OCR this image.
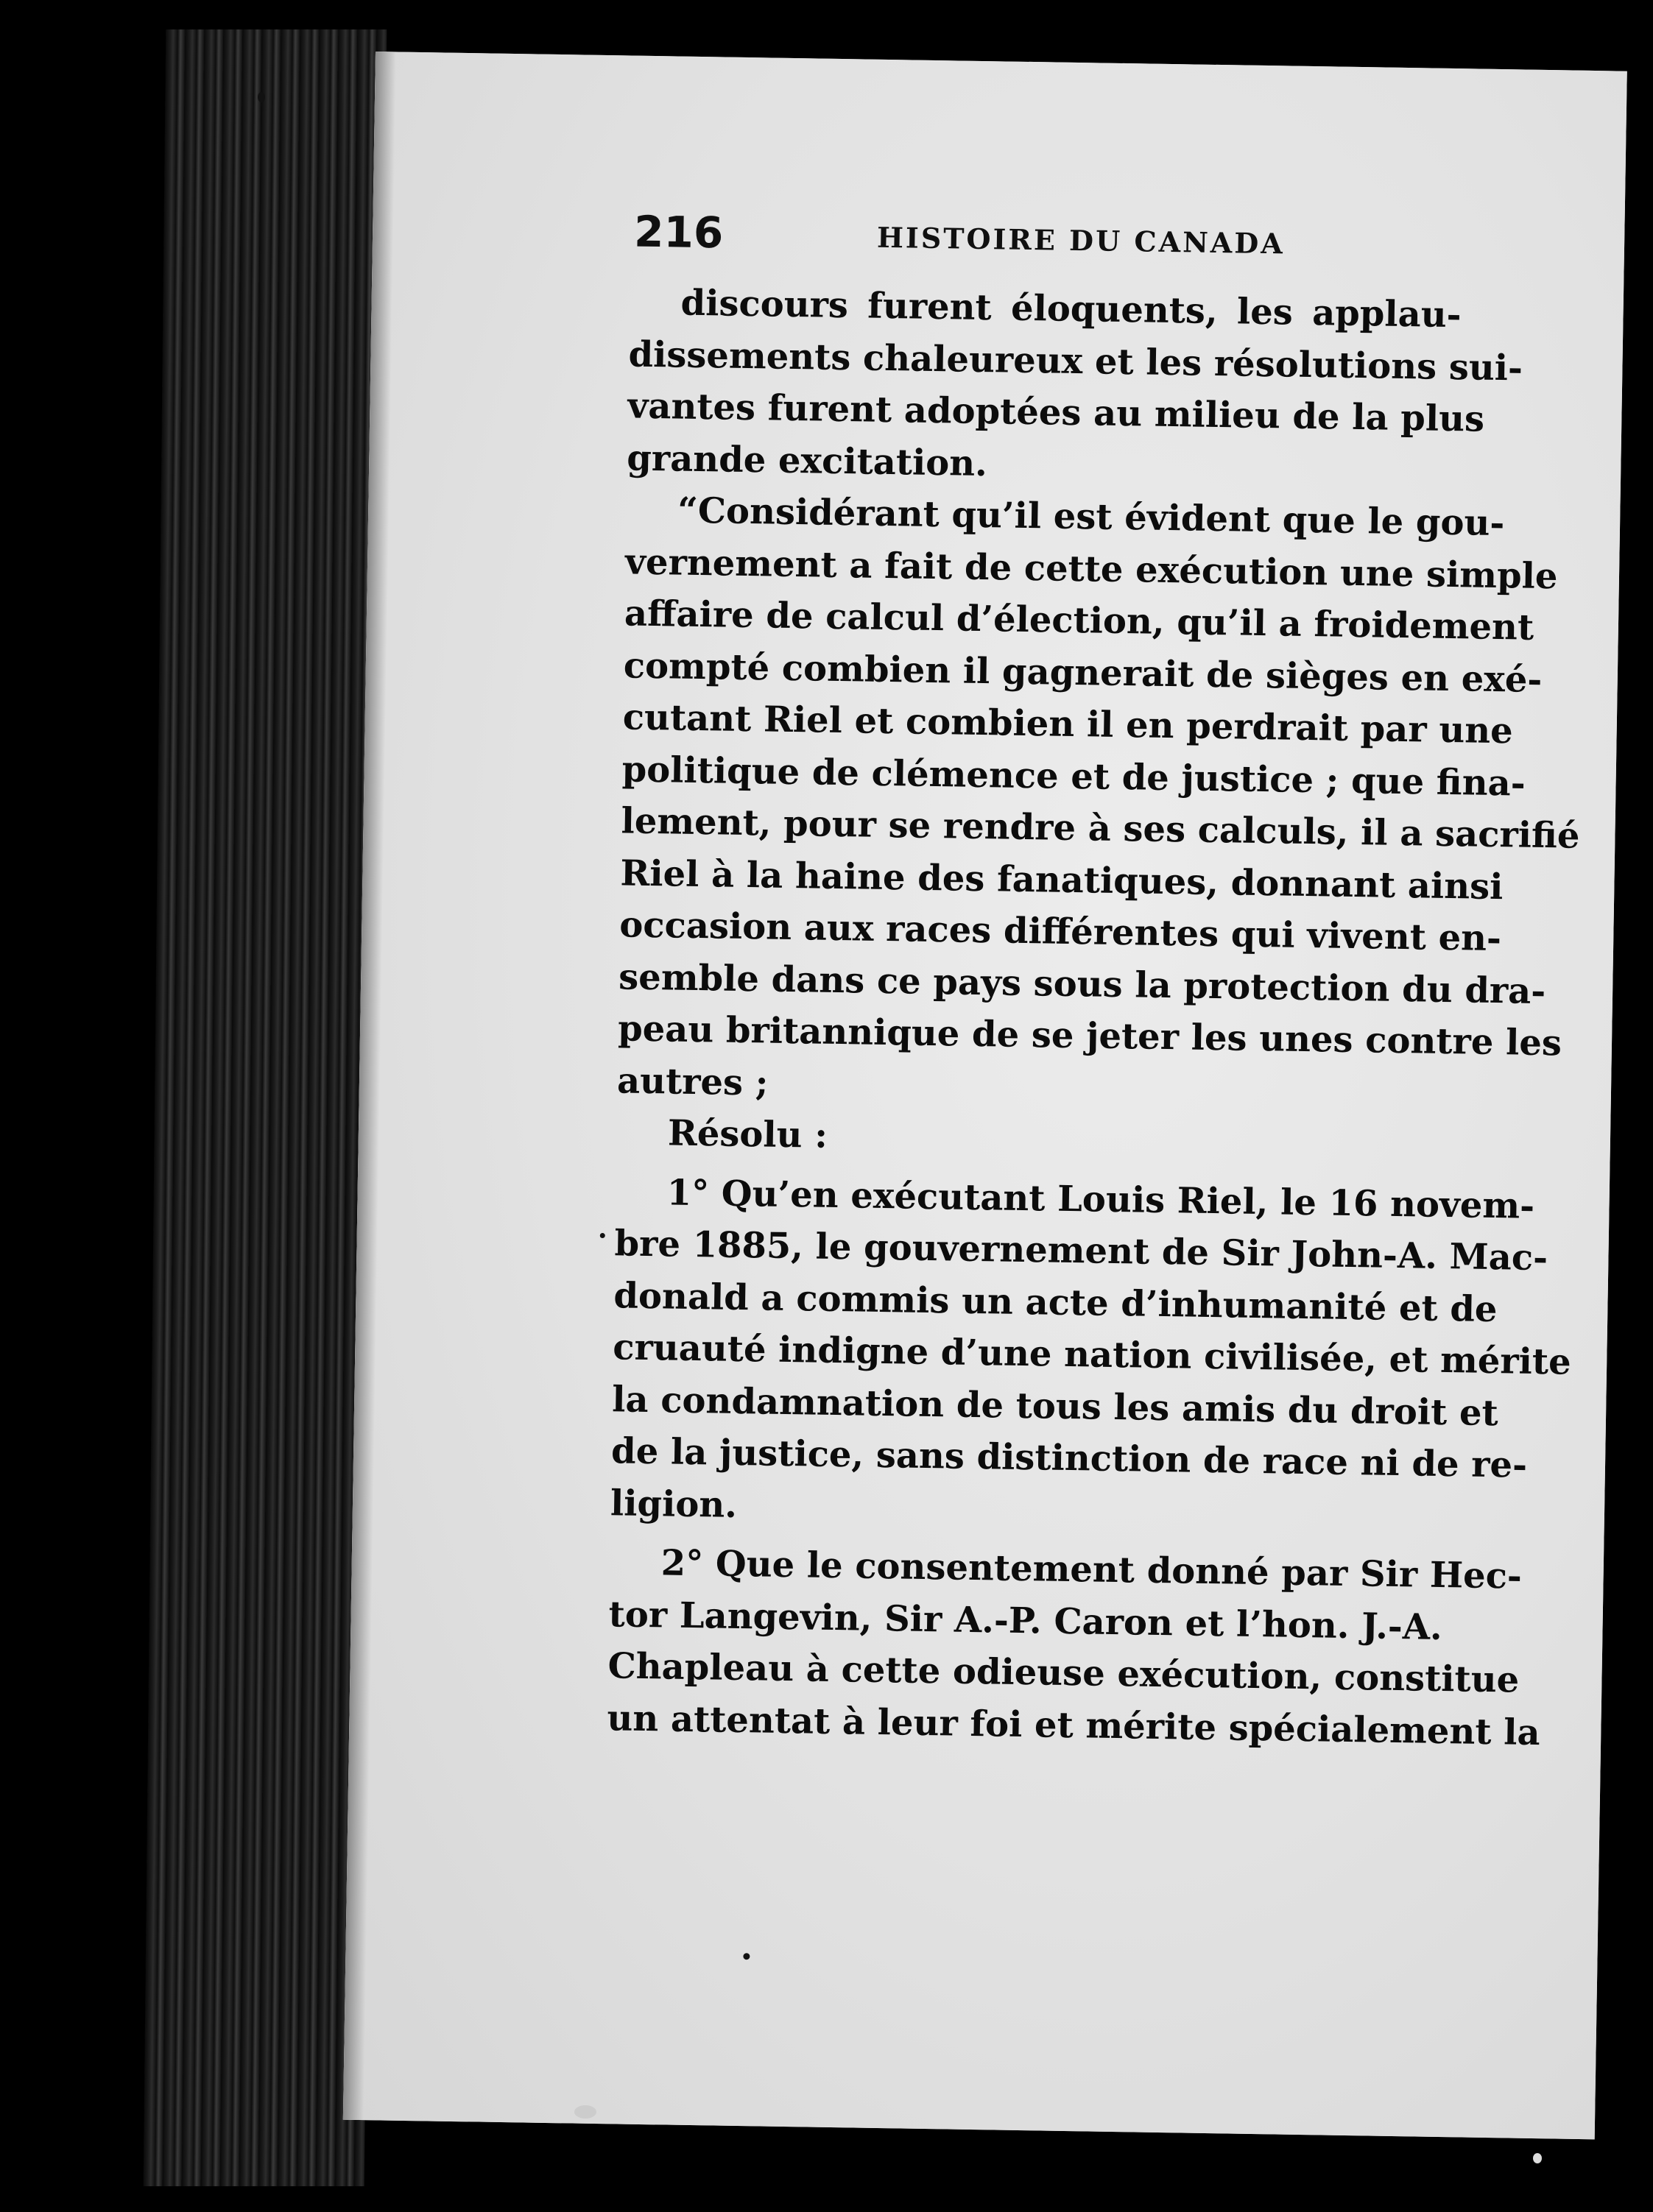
216	HISTOIRE DU CANADA
discours furent éloquents, les applau-
dissements chaleureux et les résolutions sui-
vantes furent adoptées au milieu de la plus
grande excitation.
“Considérant qu’il est évident que le gou-
vernement a fait de cette exécution une simple
affaire de calcul d’élection, qu’il a froidement
compté combien il gagnerait de sièges en exé-
cutant Riel et combien il en perdrait par une
politique de clémence et de justice ; que fina-
lement, pour se rendre à ses calculs, il a sacrifié
Riel à la haine des fanatiques, donnant ainsi
occasion aux races différentes qui vivent en-
semble dans ce pays sous la protection du dra-
peau britannique de se jeter les unes contre les
autres ;
Résolu :
1° Qu’en exécutant Louis Riel, le 16 novem-
bre 1885, le gouvernement de Sir John-A. Mac-
donald a commis un acte d’inhumanité et de
cruauté indigne d’une nation civilisée, et mérite
la condamnation de tous les amis du droit et
de la justice, sans distinction de race ni de re-
ligion.
2° Que le consentement donné par Sir Hec-
tor Langevin, Sir A.-P. Caron et l’hon. J.-A.
Chapleau à cette odieuse exécution, constitue
un attentat à leur foi et mérite spécialement la
